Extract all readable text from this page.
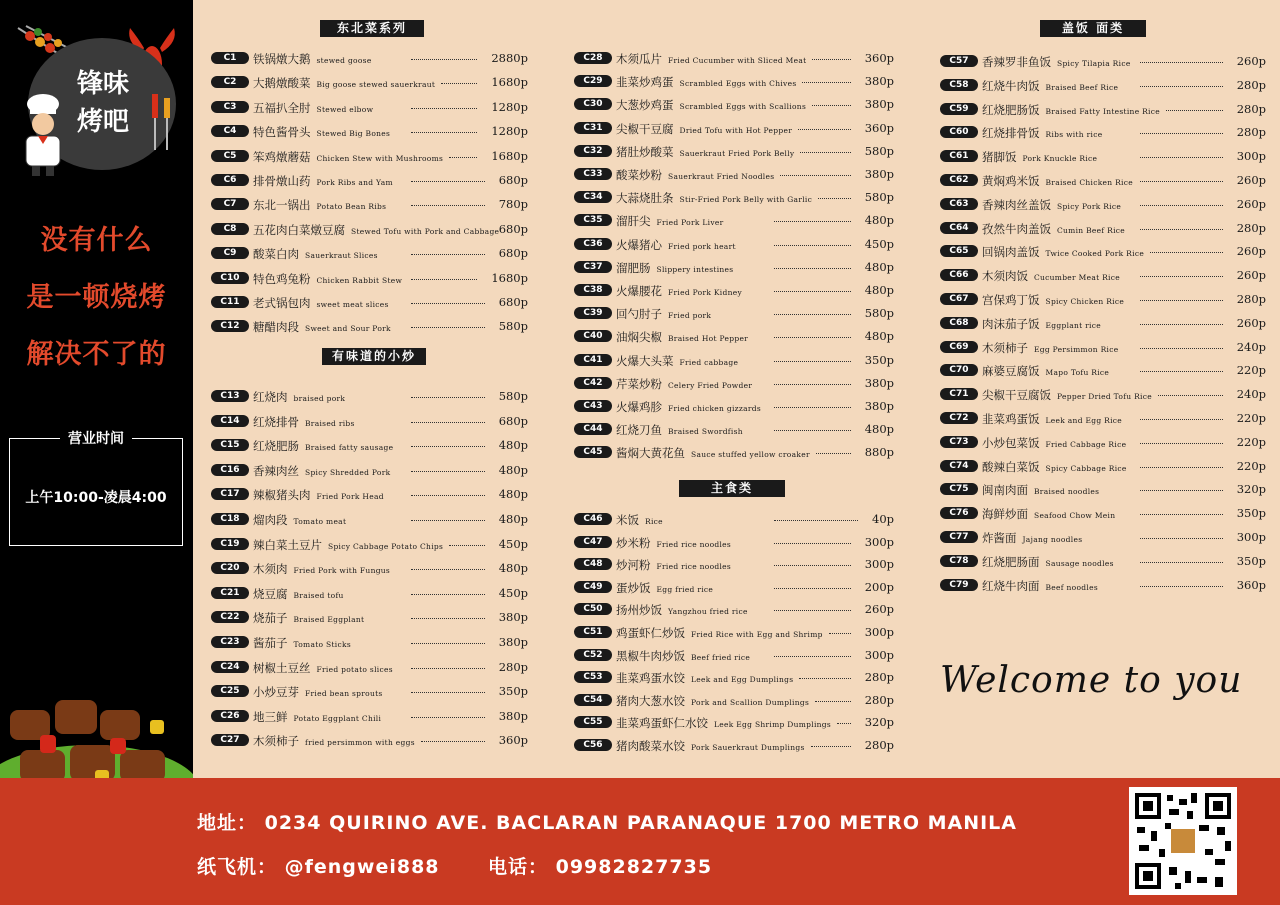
锋味
烤吧
没有什么
是一顿烧烤
解决不了的
营业时间
上午10:00-凌晨4:00
东北菜系列
有味道的小炒
主食类
盖饭 面类
C1	铁锅燉大鹅 stewed goose	2880p
C2	大鹅燉酸菜 Big goose stewed sauerkraut	1680p
C3	五福扒全肘 Stewed elbow	1280p
C4	特色酱骨头 Stewed Big Bones	1280p
C5	笨鸡燉蘑菇 Chicken Stew with Mushrooms	1680p
C6	排骨燉山药 Pork Ribs and Yam	680p
C7	东北一锅出 Potato Bean Ribs	780p
C8	五花肉白菜燉豆腐 Stewed Tofu with Pork and Cabbage 680p
C9	酸菜白肉 Sauerkraut Slices	680p
C10	特色鸡兔粉 Chicken Rabbit Stew	1680p
C11	老式锅包肉 sweet meat slices	680p
C12	糖醋肉段 Sweet and Sour Pork	580p
C13	红烧肉 braised pork	580p
C14	红烧排骨 Braised ribs	680p
C15	红烧肥肠 Braised fatty sausage	480p
C16	香辣肉丝 Spicy Shredded Pork	480p
C17	辣椒猪头肉 Fried Pork Head	480p
C18	熘肉段 Tomato meat	480p
C19	辣白菜土豆片 Spicy Cabbage Potato Chips	450p
C20	木须肉 Fried Pork with Fungus	480p
C21	烧豆腐 Braised tofu	450p
C22	烧茄子 Braised Eggplant	380p
C23	酱茄子 Tomato Sticks	380p
C24	树椒土豆丝 Fried potato slices	280p
C25	小炒豆芽 Fried bean sprouts	350p
C26	地三鲜 Potato Eggplant Chili	380p
C27	木须柿子 fried persimmon with eggs	360p
C28	木须瓜片 Fried Cucumber with Sliced Meat	360p
C29	韭菜炒鸡蛋 Scrambled Eggs with Chives	380p
C30	大葱炒鸡蛋 Scrambled Eggs with Scallions	380p
C31	尖椒干豆腐 Dried Tofu with Hot Pepper	360p
C32	猪肚炒酸菜 Sauerkraut Fried Pork Belly	580p
C33	酸菜炒粉 Sauerkraut Fried Noodles	380p
C34	大蒜烧肚条 Stir-Fried Pork Belly with Garlic	580p
C35	溜肝尖 Fried Pork Liver	480p
C36	火爆猪心 Fried pork heart	450p
C37	溜肥肠 Slippery intestines	480p
C38	火爆腰花 Fried Pork Kidney	480p
C39	回勺肘子 Fried pork	580p
C40	油焖尖椒 Braised Hot Pepper	480p
C41	火爆大头菜 Fried cabbage	350p
C42	芹菜炒粉 Celery Fried Powder	380p
C43	火爆鸡胗 Fried chicken gizzards	380p
C44	红烧刀鱼 Braised Swordfish	480p
C45	酱焖大黄花鱼 Sauce stuffed yellow croaker	880p
C46	米饭 Rice	40p
C47	炒米粉 Fried rice noodles	300p
C48	炒河粉 Fried rice noodles	300p
C49	蛋炒饭 Egg fried rice	200p
C50	扬州炒饭 Yangzhou fried rice	260p
C51	鸡蛋虾仁炒饭 Fried Rice with Egg and Shrimp	300p
C52	黑椒牛肉炒饭 Beef fried rice	300p
C53	韭菜鸡蛋水饺 Leek and Egg Dumplings	280p
C54	猪肉大葱水饺 Pork and Scallion Dumplings	280p
C55	韭菜鸡蛋虾仁水饺 Leek Egg Shrimp Dumplings	320p
C56	猪肉酸菜水饺 Pork Sauerkraut Dumplings	280p
C57	香辣罗非鱼饭 Spicy Tilapia Rice	260p
C58	红烧牛肉饭 Braised Beef Rice	280p
C59	红烧肥肠饭 Braised Fatty Intestine Rice	280p
C60	红烧排骨饭 Ribs with rice	280p
C61	猪脚饭 Pork Knuckle Rice	300p
C62	黄焖鸡米饭 Braised Chicken Rice	260p
C63	香辣肉丝盖饭 Spicy Pork Rice	260p
C64	孜然牛肉盖饭 Cumin Beef Rice	280p
C65	回锅肉盖饭 Twice Cooked Pork Rice	260p
C66	木须肉饭 Cucumber Meat Rice	260p
C67	宫保鸡丁饭 Spicy Chicken Rice	280p
C68	肉沫茄子饭 Eggplant rice	260p
C69	木须柿子 Egg Persimmon Rice	240p
C70	麻婆豆腐饭 Mapo Tofu Rice	220p
C71	尖椒干豆腐饭 Pepper Dried Tofu Rice	240p
C72	韭菜鸡蛋饭 Leek and Egg Rice	220p
C73	小炒包菜饭 Fried Cabbage Rice	220p
C74	酸辣白菜饭 Spicy Cabbage Rice	220p
C75	闽南肉面 Braised noodles	320p
C76	海鲜炒面 Seafood Chow Mein	350p
C77	炸酱面 Jajang noodles	300p
C78	红烧肥肠面 Sausage noodles	350p
C79	红烧牛肉面 Beef noodles	360p
Welcome to you
地址： 0234 QUIRINO AVE. BACLARAN PARANAQUE 1700 METRO MANILA
纸飞机： @fengwei888	电话： 09982827735
